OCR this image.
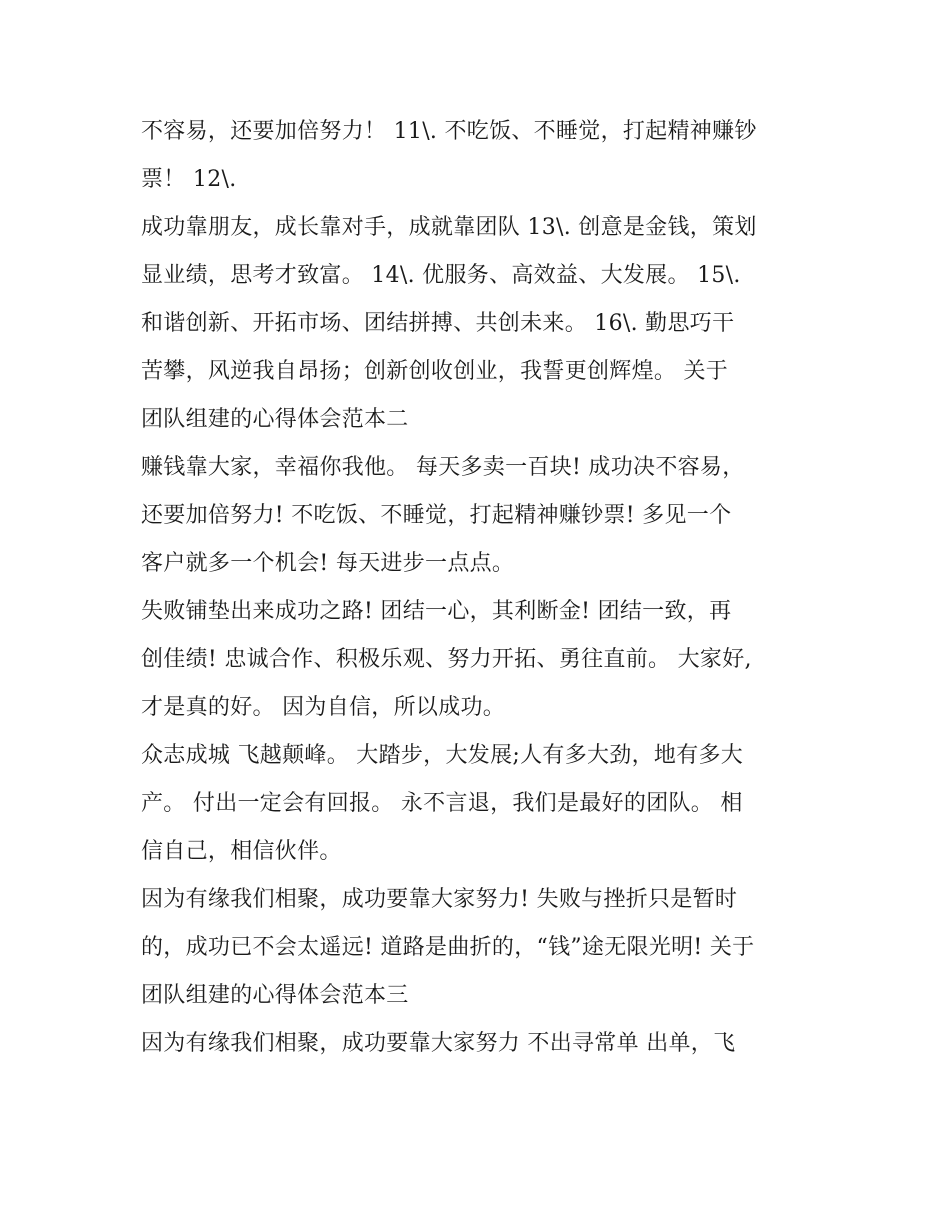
不容易，还要加倍努力！ 11\. 不吃饭、不睡觉，打起精神赚钞
票！ 12\.
成功靠朋友，成长靠对手，成就靠团队 13\. 创意是金钱，策划
显业绩，思考才致富。 14\. 优服务、高效益、大发展。 15\.
和谐创新、开拓市场、团结拼搏、共创未来。 16\. 勤思巧干
苦攀，风逆我自昂扬；创新创收创业，我誓更创辉煌。 关于
团队组建的心得体会范本二
赚钱靠大家，幸福你我他。 每天多卖一百块! 成功决不容易，
还要加倍努力! 不吃饭、不睡觉，打起精神赚钞票! 多见一个
客户就多一个机会! 每天进步一点点。
失败铺垫出来成功之路! 团结一心，其利断金! 团结一致，再
创佳绩! 忠诚合作、积极乐观、努力开拓、勇往直前。 大家好,
才是真的好。 因为自信，所以成功。
众志成城 飞越颠峰。 大踏步，大发展;人有多大劲，地有多大
产。 付出一定会有回报。 永不言退，我们是最好的团队。 相
信自己，相信伙伴。
因为有缘我们相聚，成功要靠大家努力! 失败与挫折只是暂时
的，成功已不会太遥远! 道路是曲折的，“钱”途无限光明! 关于
团队组建的心得体会范本三
因为有缘我们相聚，成功要靠大家努力 不出寻常单 出单，飞
